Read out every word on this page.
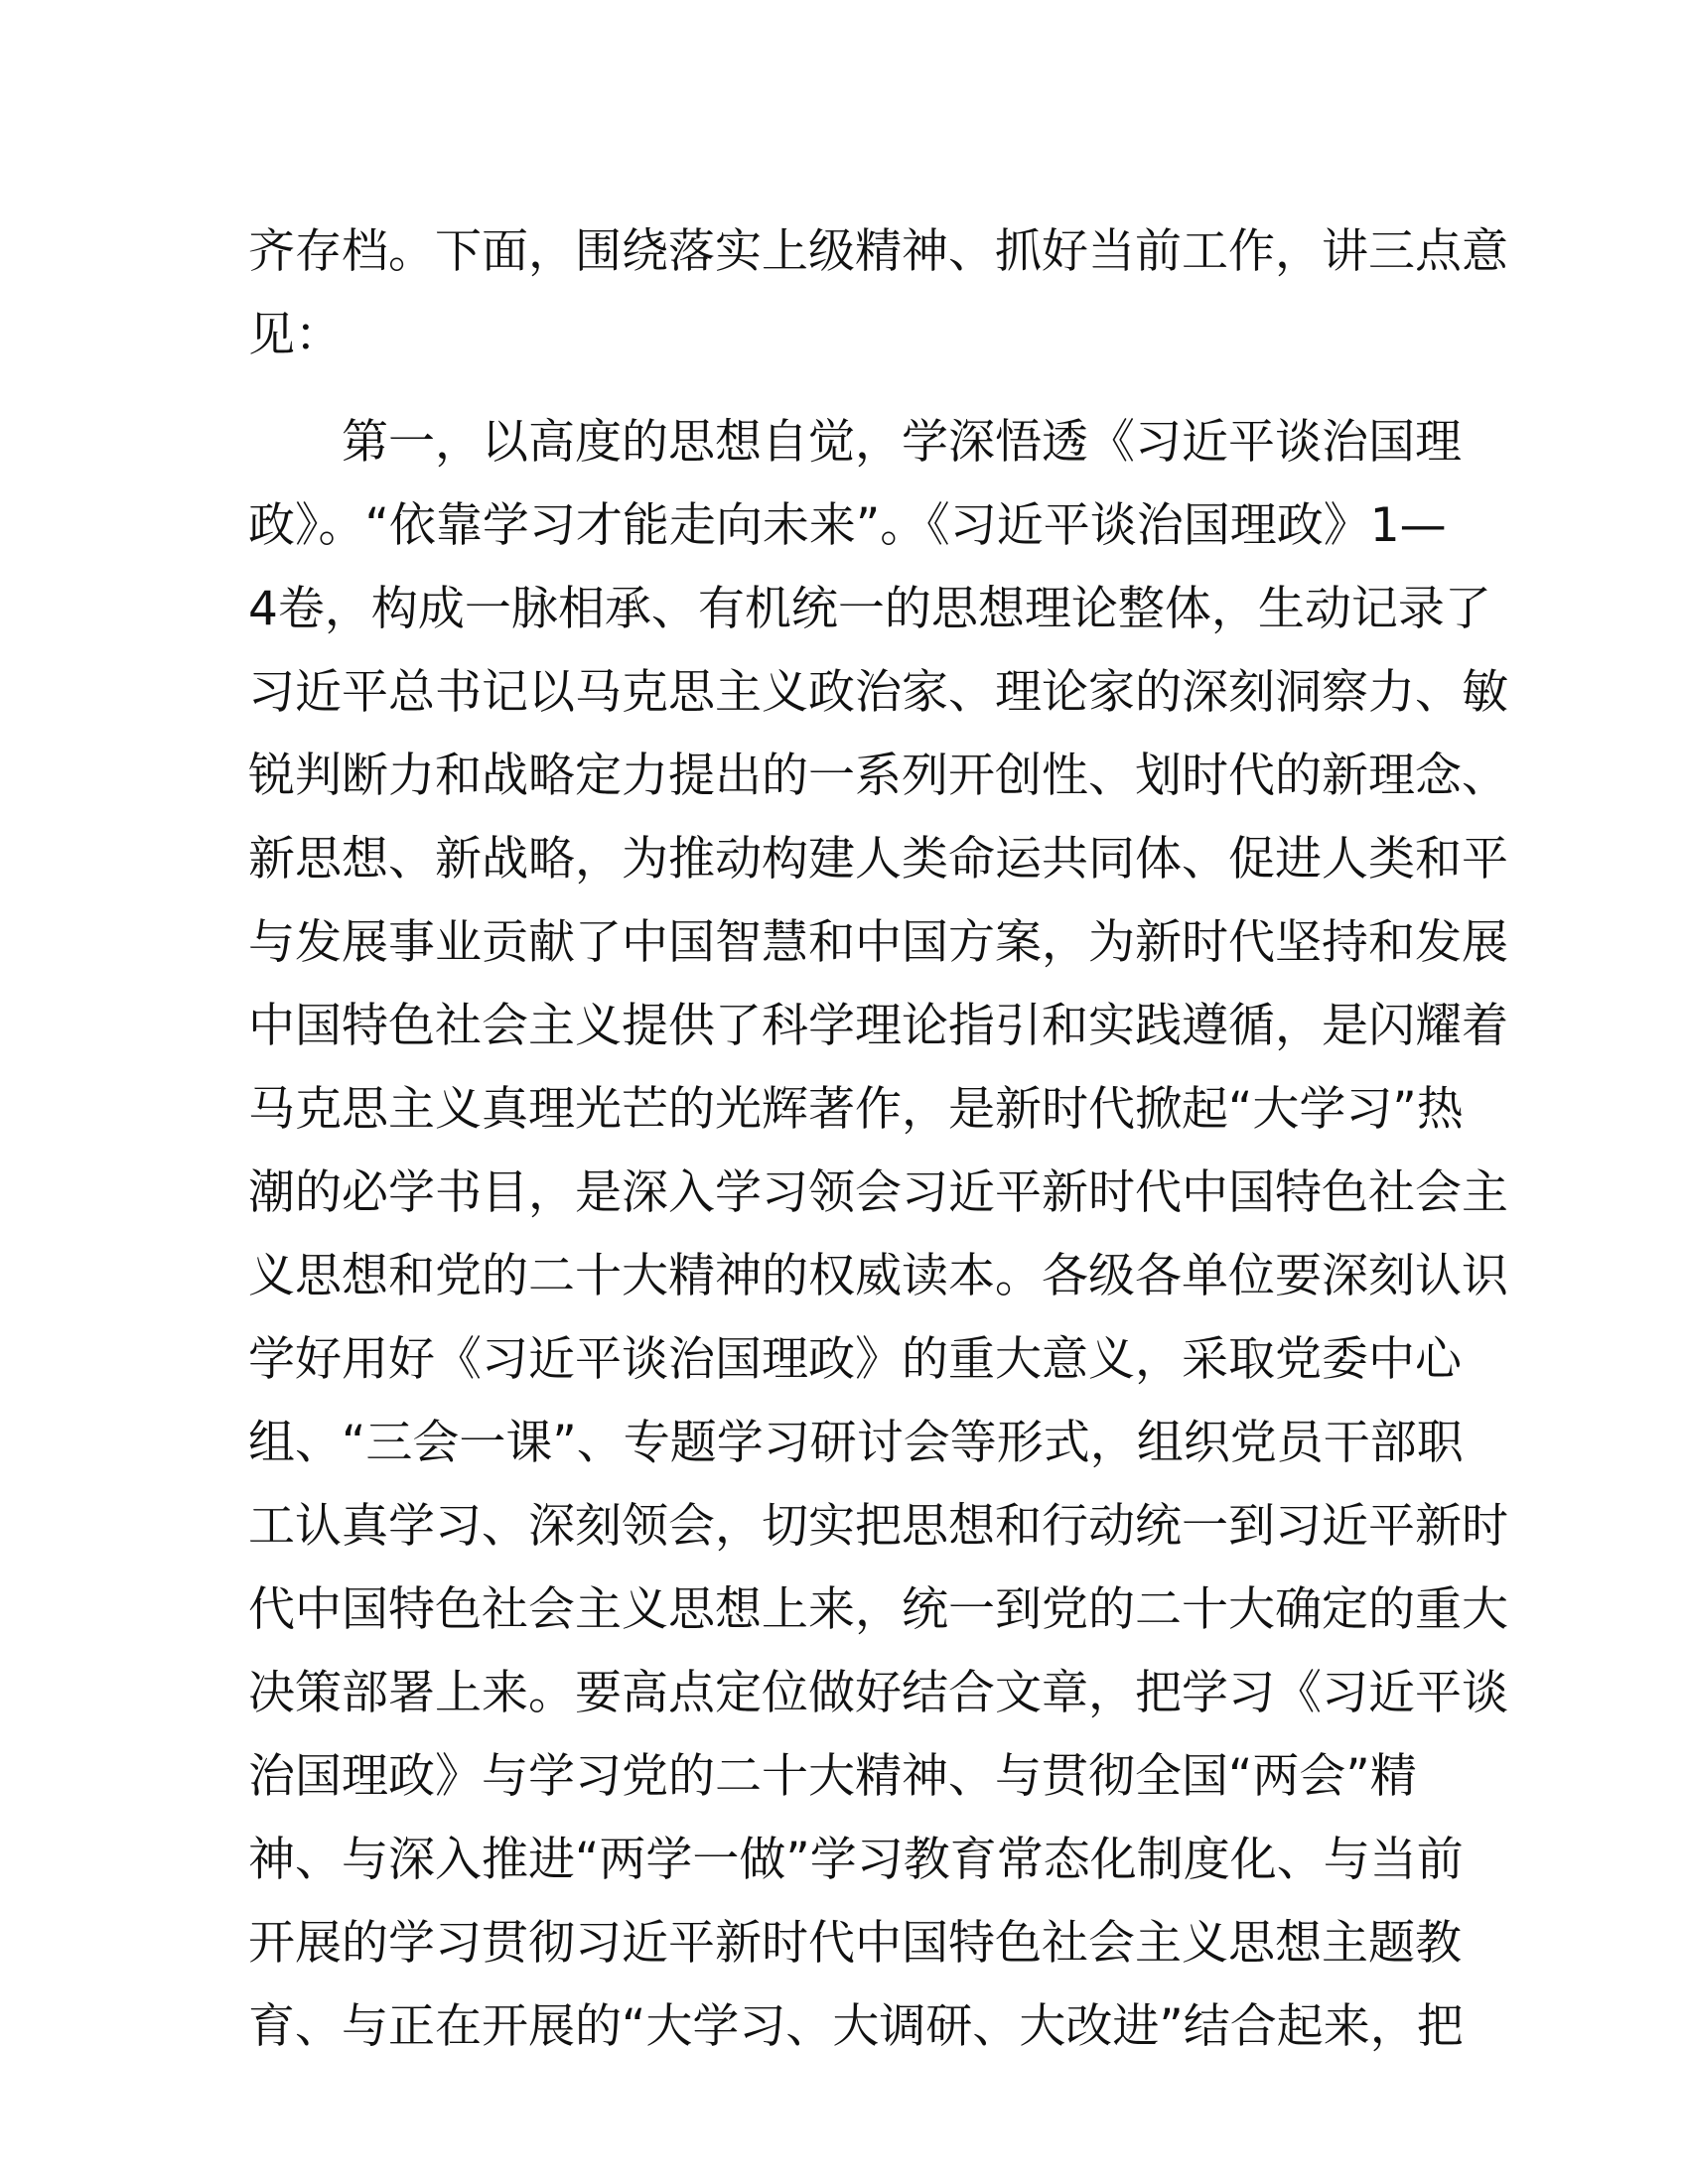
齐存档。下面，围绕落实上级精神、抓好当前工作，讲三点意
见：
　　第一，以高度的思想自觉，学深悟透《习近平谈治国理
政》。“依靠学习才能走向未来”。《习近平谈治国理政》1—
4卷，构成一脉相承、有机统一的思想理论整体，生动记录了
习近平总书记以马克思主义政治家、理论家的深刻洞察力、敏
锐判断力和战略定力提出的一系列开创性、划时代的新理念、
新思想、新战略，为推动构建人类命运共同体、促进人类和平
与发展事业贡献了中国智慧和中国方案，为新时代坚持和发展
中国特色社会主义提供了科学理论指引和实践遵循，是闪耀着
马克思主义真理光芒的光辉著作，是新时代掀起“大学习”热
潮的必学书目，是深入学习领会习近平新时代中国特色社会主
义思想和党的二十大精神的权威读本。各级各单位要深刻认识
学好用好《习近平谈治国理政》的重大意义，采取党委中心
组、“三会一课”、专题学习研讨会等形式，组织党员干部职
工认真学习、深刻领会，切实把思想和行动统一到习近平新时
代中国特色社会主义思想上来，统一到党的二十大确定的重大
决策部署上来。要高点定位做好结合文章，把学习《习近平谈
治国理政》与学习党的二十大精神、与贯彻全国“两会”精
神、与深入推进“两学一做”学习教育常态化制度化、与当前
开展的学习贯彻习近平新时代中国特色社会主义思想主题教
育、与正在开展的“大学习、大调研、大改进”结合起来，把
